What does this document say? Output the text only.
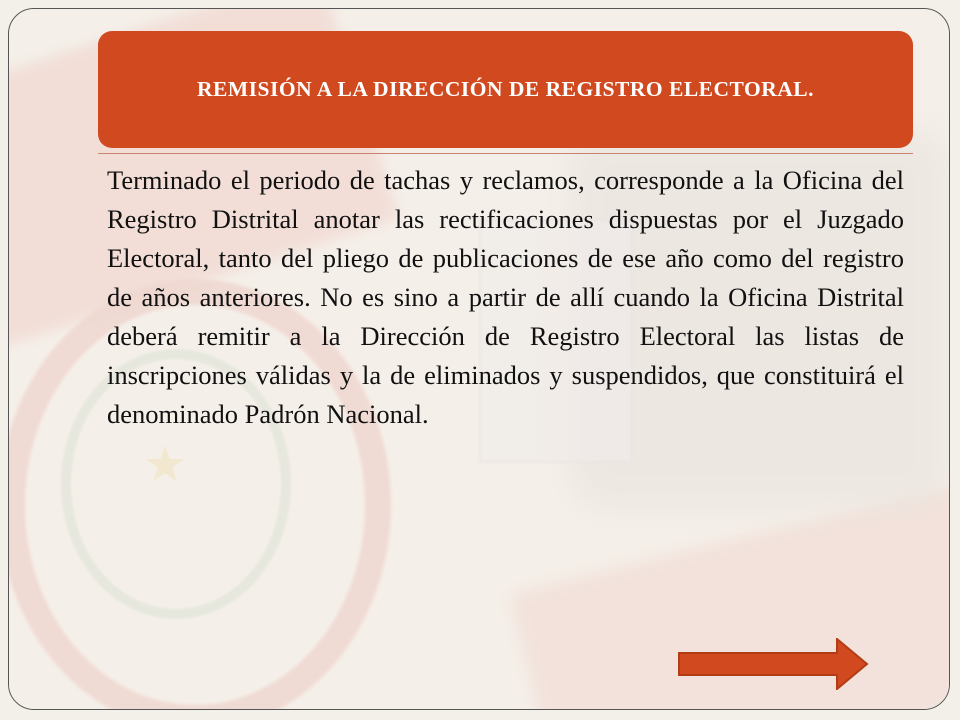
REMISIÓN A LA DIRECCIÓN DE REGISTRO ELECTORAL.

Terminado el periodo de tachas y reclamos, corresponde a la Oficina del Registro Distrital anotar las rectificaciones dispuestas por el Juzgado Electoral, tanto del pliego de publicaciones de ese año como del registro de años anteriores. No es sino a partir de allí cuando la Oficina Distrital deberá remitir a la Dirección de Registro Electoral las listas de inscripciones válidas y la de eliminados y suspendidos, que constituirá el denominado Padrón Nacional.
